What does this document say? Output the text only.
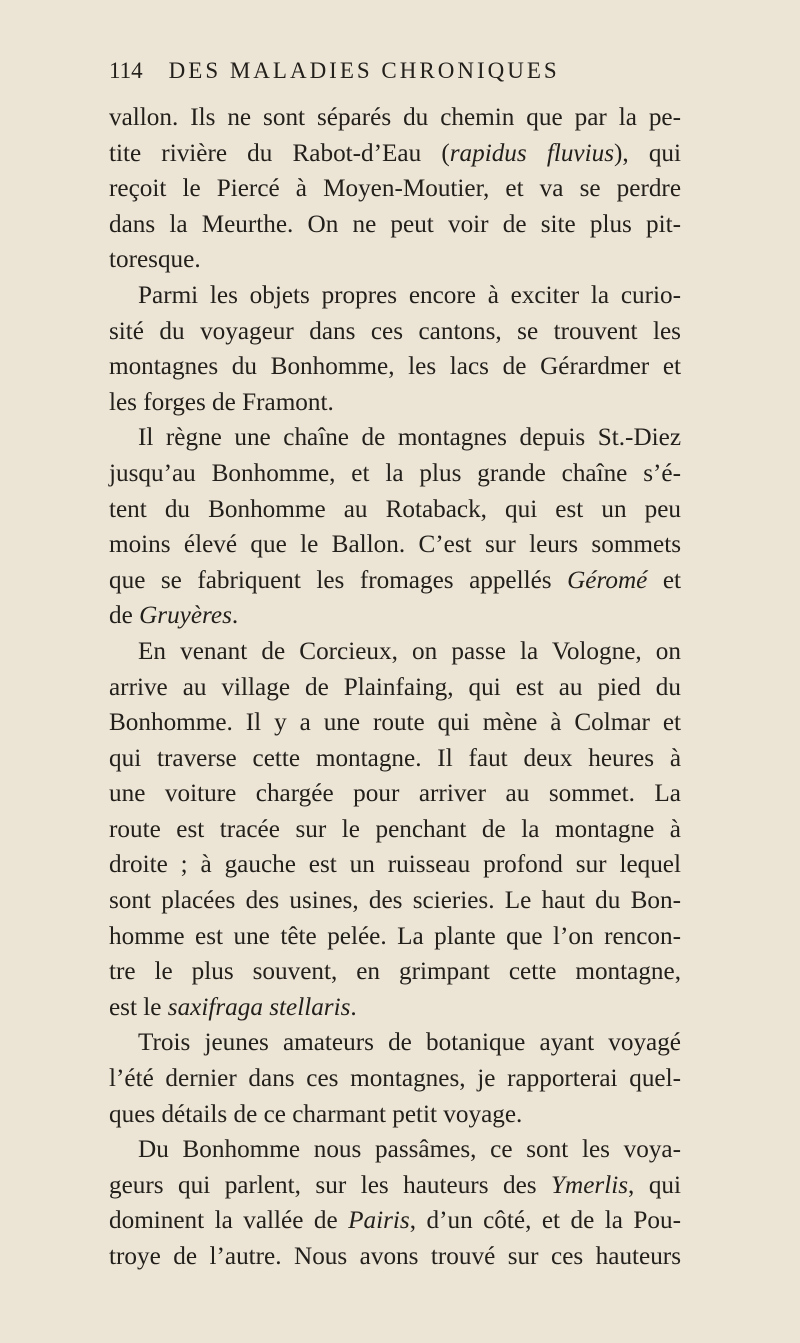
114 DES MALADIES CHRONIQUES
vallon. Ils ne sont séparés du chemin que par la pe-
tite rivière du Rabot-d’Eau (rapidus fluvius), qui
reçoit le Piercé à Moyen-Moutier, et va se perdre
dans la Meurthe. On ne peut voir de site plus pit-
toresque.
Parmi les objets propres encore à exciter la curio-
sité du voyageur dans ces cantons, se trouvent les
montagnes du Bonhomme, les lacs de Gérardmer et
les forges de Framont.
Il règne une chaîne de montagnes depuis St.-Diez
jusqu’au Bonhomme, et la plus grande chaîne s’é-
tent du Bonhomme au Rotaback, qui est un peu
moins élevé que le Ballon. C’est sur leurs sommets
que se fabriquent les fromages appellés Géromé et
de Gruyères.
En venant de Corcieux, on passe la Vologne, on
arrive au village de Plainfaing, qui est au pied du
Bonhomme. Il y a une route qui mène à Colmar et
qui traverse cette montagne. Il faut deux heures à
une voiture chargée pour arriver au sommet. La
route est tracée sur le penchant de la montagne à
droite ; à gauche est un ruisseau profond sur lequel
sont placées des usines, des scieries. Le haut du Bon-
homme est une tête pelée. La plante que l’on rencon-
tre le plus souvent, en grimpant cette montagne,
est le saxifraga stellaris.
Trois jeunes amateurs de botanique ayant voyagé
l’été dernier dans ces montagnes, je rapporterai quel-
ques détails de ce charmant petit voyage.
Du Bonhomme nous passâmes, ce sont les voya-
geurs qui parlent, sur les hauteurs des Ymerlis, qui
dominent la vallée de Pairis, d’un côté, et de la Pou-
troye de l’autre. Nous avons trouvé sur ces hauteurs
